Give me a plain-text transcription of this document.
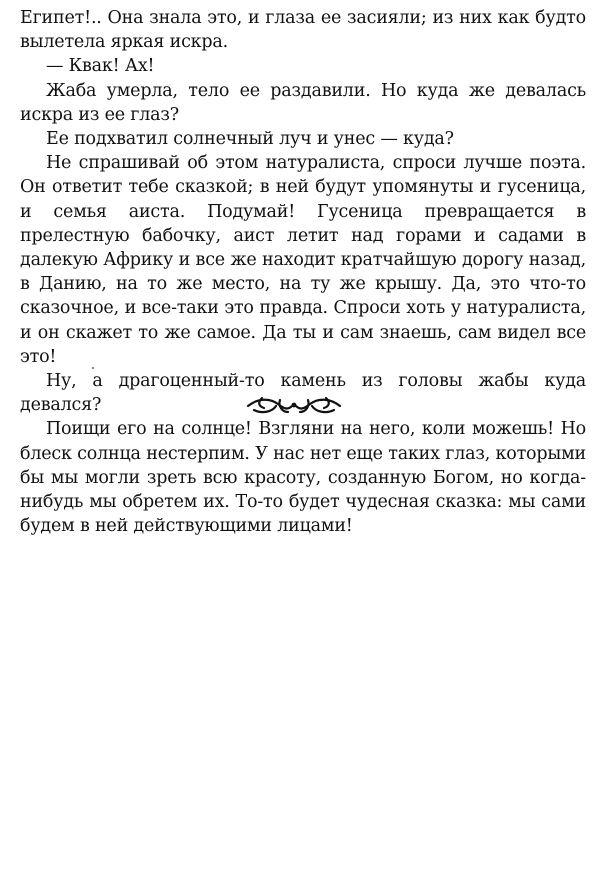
Египет!.. Она знала это, и глаза ее засияли; из них как будто вылетела яркая искра.

— Квак! Ах!

Жаба умерла, тело ее раздавили. Но куда же девалась искра из ее глаз?

Ее подхватил солнечный луч и унес — куда?

Не спрашивай об этом натуралиста, спроси лучше поэта. Он ответит тебе сказкой; в ней будут упомянуты и гусеница, и семья аиста. Подумай! Гусеница превращается в прелестную бабочку, аист летит над горами и садами в далекую Африку и все же находит кратчайшую дорогу назад, в Данию, на то же место, на ту же крышу. Да, это что-то сказочное, и все-таки это правда. Спроси хоть у натуралиста, и он скажет то же самое. Да ты и сам знаешь, сам видел все это!

Ну, а драгоценный-то камень из головы жабы куда девался?

Поищи его на солнце! Взгляни на него, коли можешь! Но блеск солнца нестерпим. У нас нет еще таких глаз, которыми бы мы могли зреть всю красоту, созданную Богом, но когда-нибудь мы обретем их. То-то будет чудесная сказка: мы сами будем в ней действующими лицами!
